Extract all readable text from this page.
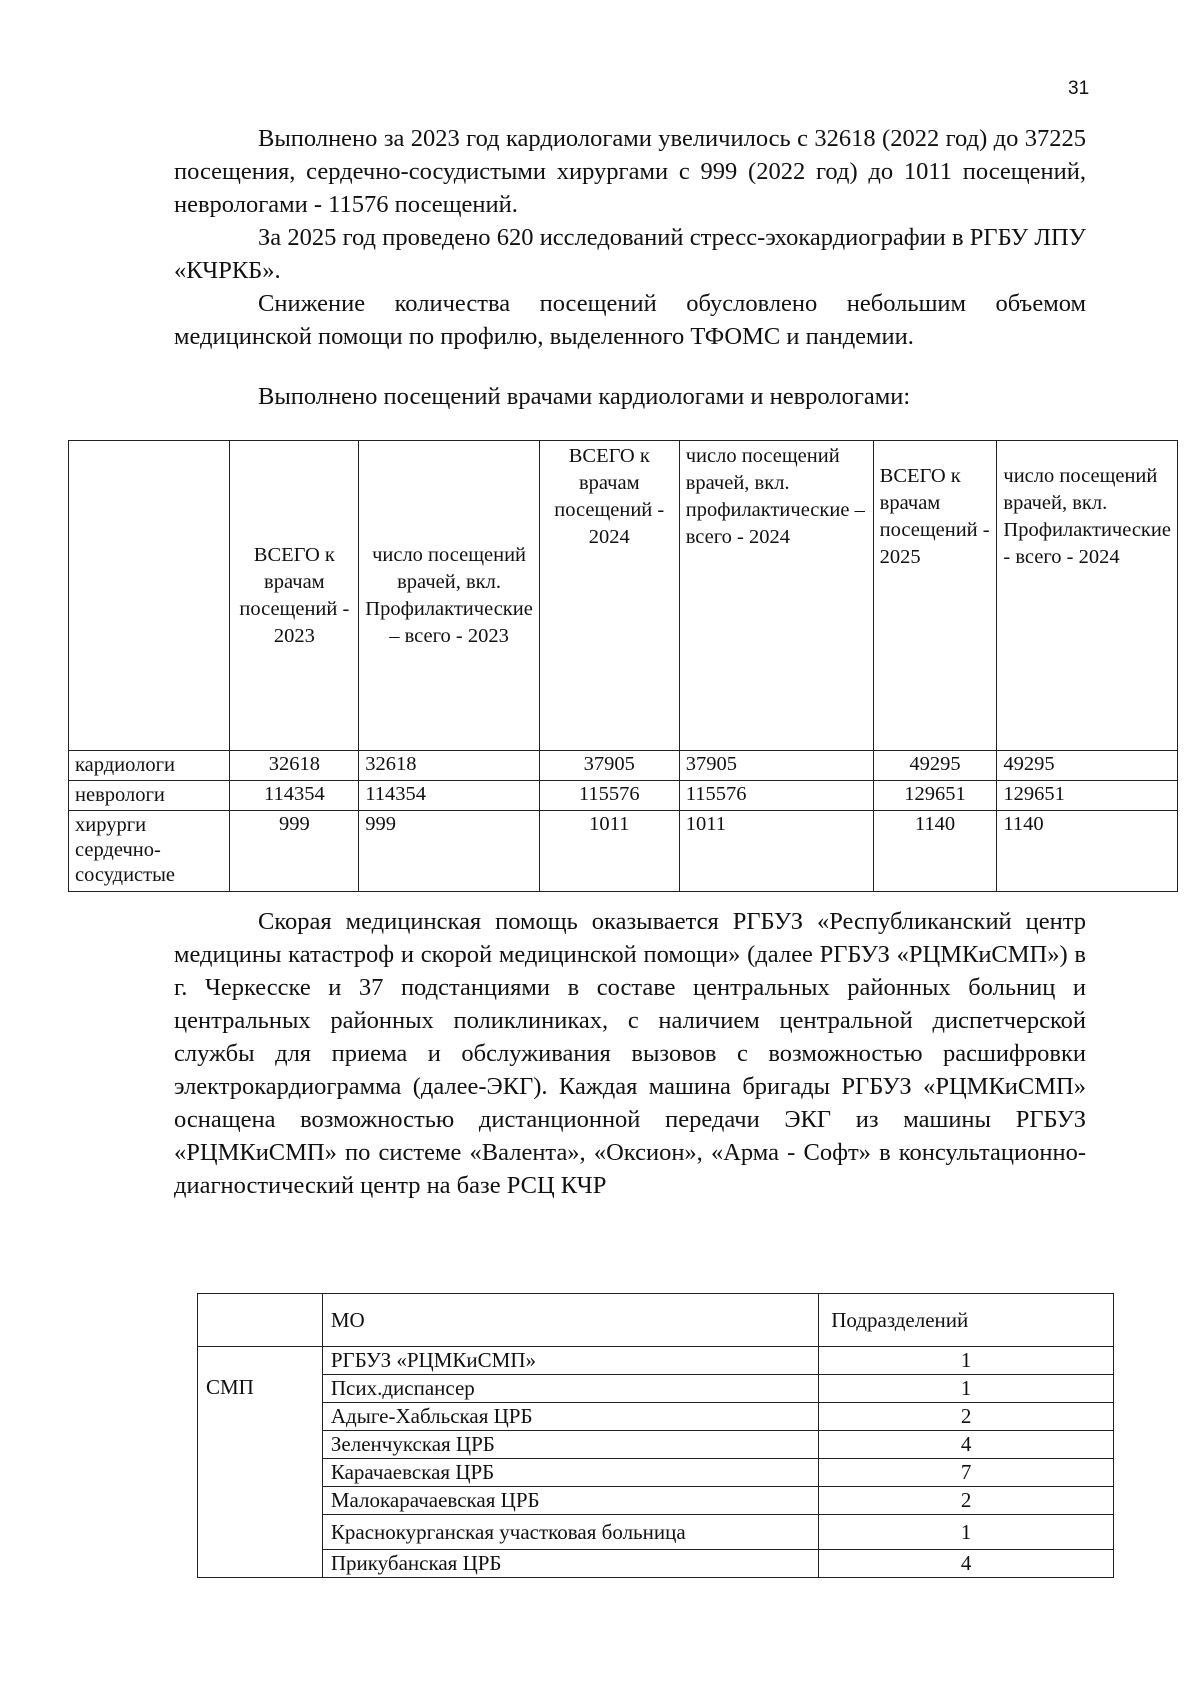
31

Выполнено за 2023 год кардиологами увеличилось с 32618 (2022 год) до 37225 посещения, сердечно-сосудистыми хирургами с 999 (2022 год) до 1011 посещений, неврологами - 11576 посещений.

За 2025 год проведено 620 исследований стресс-эхокардиографии в РГБУ ЛПУ «КЧРКБ».

Снижение количества посещений обусловлено небольшим объемом медицинской помощи по профилю, выделенного ТФОМС и пандемии.

Выполнено посещений врачами кардиологами и неврологами:
	ВСЕГО к врачам посещений - 2023	число посещений врачей, вкл. Профилактические – всего - 2023	ВСЕГО к врачам посещений - 2024	число посещений врачей, вкл. профилактические – всего - 2024	ВСЕГО к врачам посещений - 2025	число посещений врачей, вкл. Профилактические - всего - 2024
кардиологи	32618	32618	37905	37905	49295	49295
неврологи	114354	114354	115576	115576	129651	129651
хирурги сердечно-сосудистые	999	999	1011	1011	1140	1140

Скорая медицинская помощь оказывается РГБУЗ «Республиканский центр медицины катастроф и скорой медицинской помощи» (далее РГБУЗ «РЦМКиСМП») в г. Черкесске и 37 подстанциями в составе центральных районных больниц и центральных районных поликлиниках, с наличием центральной диспетчерской службы для приема и обслуживания вызовов с возможностью расшифровки электрокардиограмма (далее-ЭКГ). Каждая машина бригады РГБУЗ «РЦМКиСМП» оснащена возможностью дистанционной передачи ЭКГ из машины РГБУЗ «РЦМКиСМП» по системе «Валента», «Оксион», «Арма - Софт» в консультационно- диагностический центр на базе РСЦ КЧР

	МО	Подразделений
СМП	РГБУЗ «РЦМКиСМП»	1
	Псих.диспансер	1
	Адыге-Хабльская ЦРБ	2
	Зеленчукская ЦРБ	4
	Карачаевская ЦРБ	7
	Малокарачаевская ЦРБ	2
	Краснокурганская участковая больница	1
	Прикубанская ЦРБ	4
